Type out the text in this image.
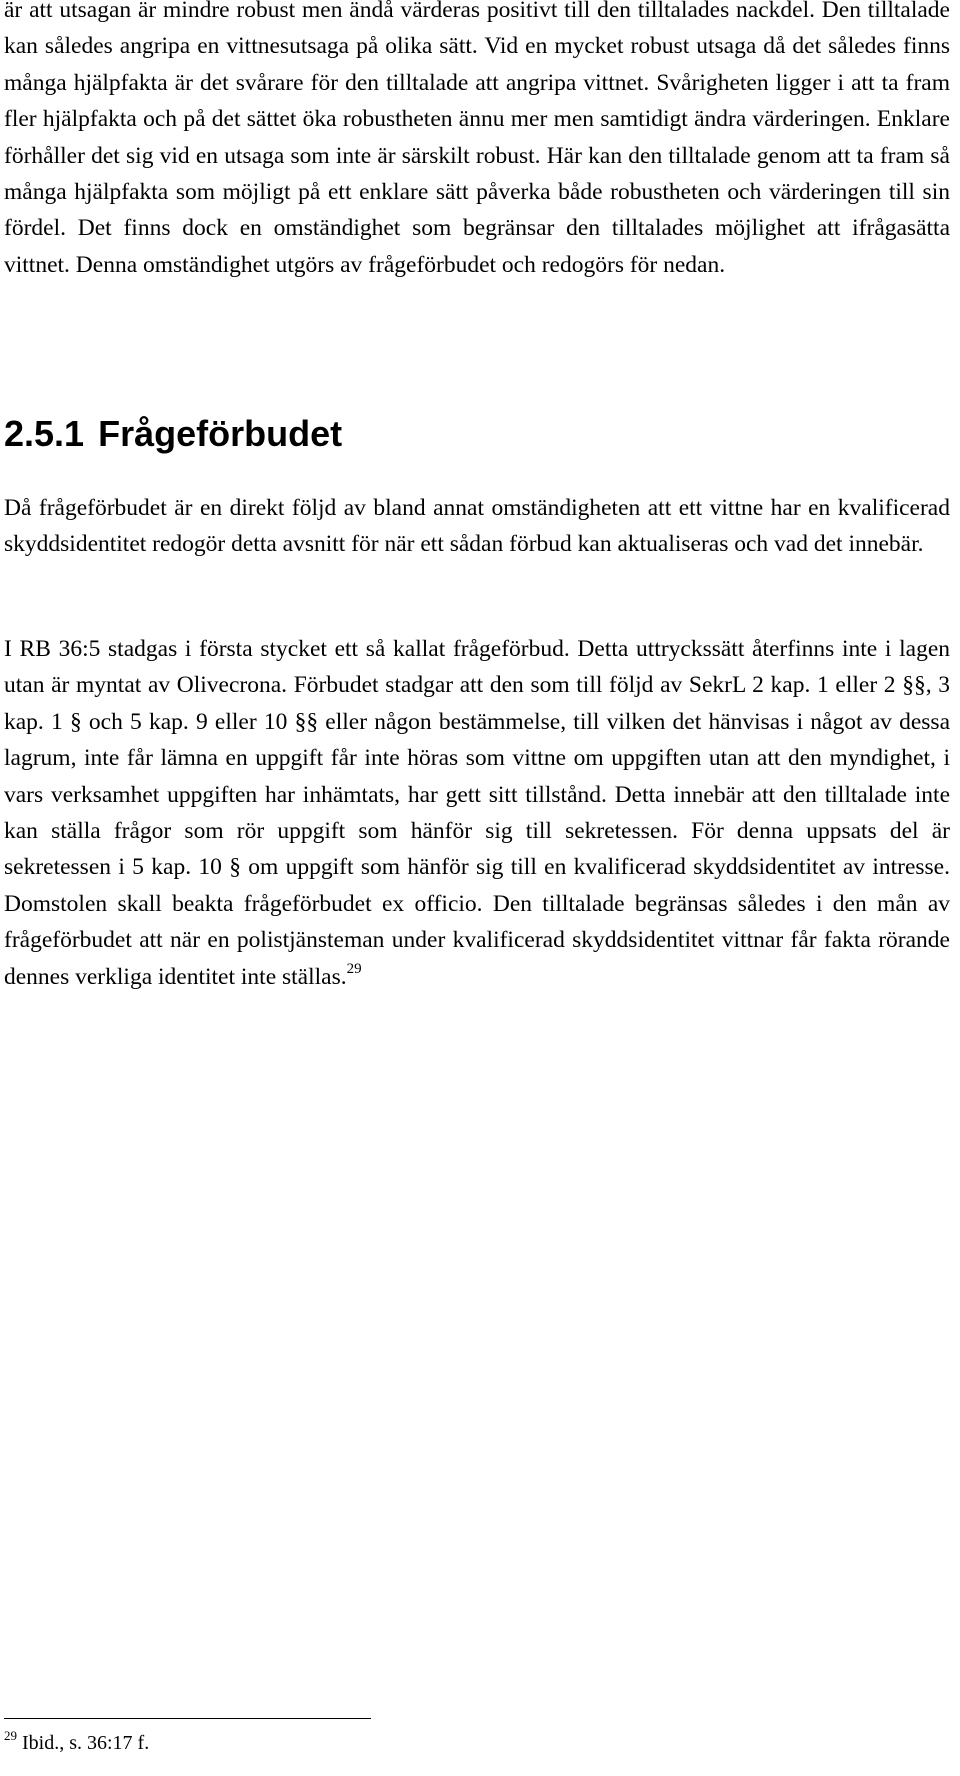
är att utsagan är mindre robust men ändå värderas positivt till den tilltalades nackdel. Den tilltalade kan således angripa en vittnesutsaga på olika sätt. Vid en mycket robust utsaga då det således finns många hjälpfakta är det svårare för den tilltalade att angripa vittnet. Svårigheten ligger i att ta fram fler hjälpfakta och på det sättet öka robustheten ännu mer men samtidigt ändra värderingen. Enklare förhåller det sig vid en utsaga som inte är särskilt robust. Här kan den tilltalade genom att ta fram så många hjälpfakta som möjligt på ett enklare sätt påverka både robustheten och värderingen till sin fördel. Det finns dock en omständighet som begränsar den tilltalades möjlighet att ifrågasätta vittnet. Denna omständighet utgörs av frågeförbudet och redogörs för nedan.

2.5.1 Frågeförbudet

Då frågeförbudet är en direkt följd av bland annat omständigheten att ett vittne har en kvalificerad skyddsidentitet redogör detta avsnitt för när ett sådan förbud kan aktualiseras och vad det innebär.

I RB 36:5 stadgas i första stycket ett så kallat frågeförbud. Detta uttryckssätt återfinns inte i lagen utan är myntat av Olivecrona. Förbudet stadgar att den som till följd av SekrL 2 kap. 1 eller 2 §§, 3 kap. 1 § och 5 kap. 9 eller 10 §§ eller någon bestämmelse, till vilken det hänvisas i något av dessa lagrum, inte får lämna en uppgift får inte höras som vittne om uppgiften utan att den myndighet, i vars verksamhet uppgiften har inhämtats, har gett sitt tillstånd. Detta innebär att den tilltalade inte kan ställa frågor som rör uppgift som hänför sig till sekretessen. För denna uppsats del är sekretessen i 5 kap. 10 § om uppgift som hänför sig till en kvalificerad skyddsidentitet av intresse. Domstolen skall beakta frågeförbudet ex officio. Den tilltalade begränsas således i den mån av frågeförbudet att när en polistjänsteman under kvalificerad skyddsidentitet vittnar får fakta rörande dennes verkliga identitet inte ställas.$^{29}$

$^{29}$ Ibid., s. 36:17 f.
